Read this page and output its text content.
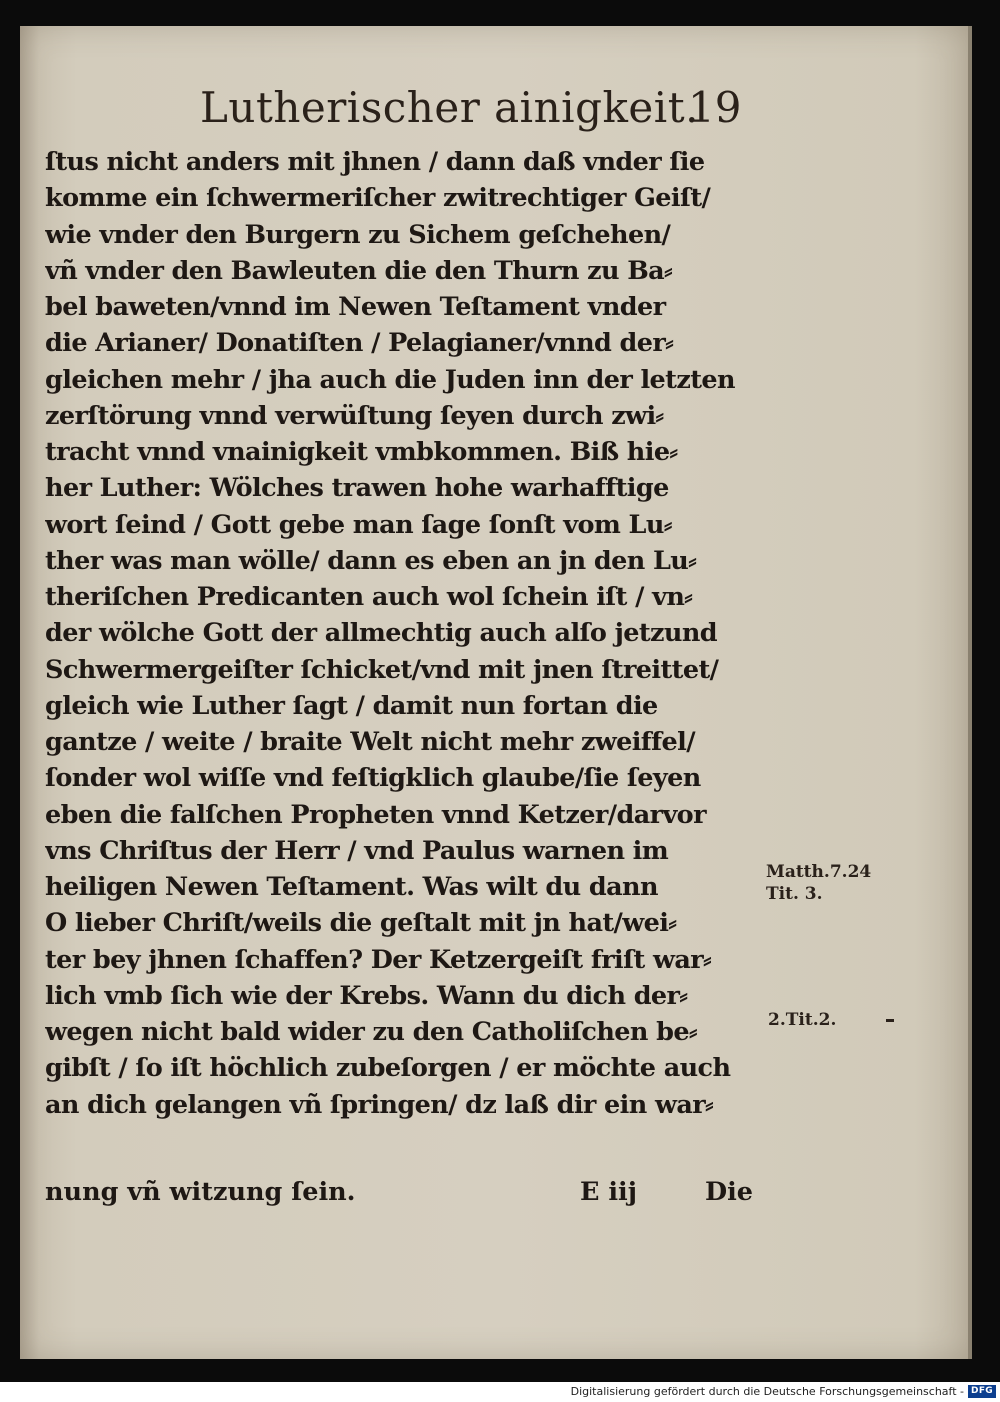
Lutherischer ainigkeit.
19
ſtus nicht anders mit jhnen / dann daß vnder ſie
komme ein ſchwermeriſcher zwitrechtiger Geiſt/
wie vnder den Burgern zu Sichem geſchehen/
vñ vnder den Bawleuten die den Thurn zu Ba⸗
bel baweten/vnnd im Newen Teſtament vnder
die Arianer/ Donatiſten / Pelagianer/vnnd der⸗
gleichen mehr / jha auch die Juden inn der letzten
zerſtörung vnnd verwüſtung ſeyen durch zwi⸗
tracht vnnd vnainigkeit vmbkommen. Biß hie⸗
her Luther: Wölches trawen hohe warhafftige
wort ſeind / Gott gebe man ſage ſonſt vom Lu⸗
ther was man wölle/ dann es eben an jn den Lu⸗
theriſchen Predicanten auch wol ſchein iſt / vn⸗
der wölche Gott der allmechtig auch alſo jetzund
Schwermergeiſter ſchicket/vnd mit jnen ſtreittet/
gleich wie Luther ſagt / damit nun fortan die
gantze / weite / braite Welt nicht mehr zweiffel/
ſonder wol wiſſe vnd feſtigklich glaube/ſie ſeyen
eben die falſchen Propheten vnnd Ketzer/darvor
vns Chriſtus der Herr / vnd Paulus warnen im
heiligen Newen Teſtament. Was wilt du dann
O lieber Chriſt/weils die geſtalt mit jn hat/wei⸗
ter bey jhnen ſchaffen? Der Ketzergeiſt friſt war⸗
lich vmb ſich wie der Krebs. Wann du dich der⸗
wegen nicht bald wider zu den Catholiſchen be⸗
gibſt / ſo iſt höchlich zubeſorgen / er möchte auch
an dich gelangen vñ ſpringen/ dz laß dir ein war⸗
nung vñ witzung ſein.	E iij	Die
Matth.7.24
Tit. 3.
2.Tit.2.
Digitalisierung gefördert durch die Deutsche Forschungsgemeinschaft - DFG
